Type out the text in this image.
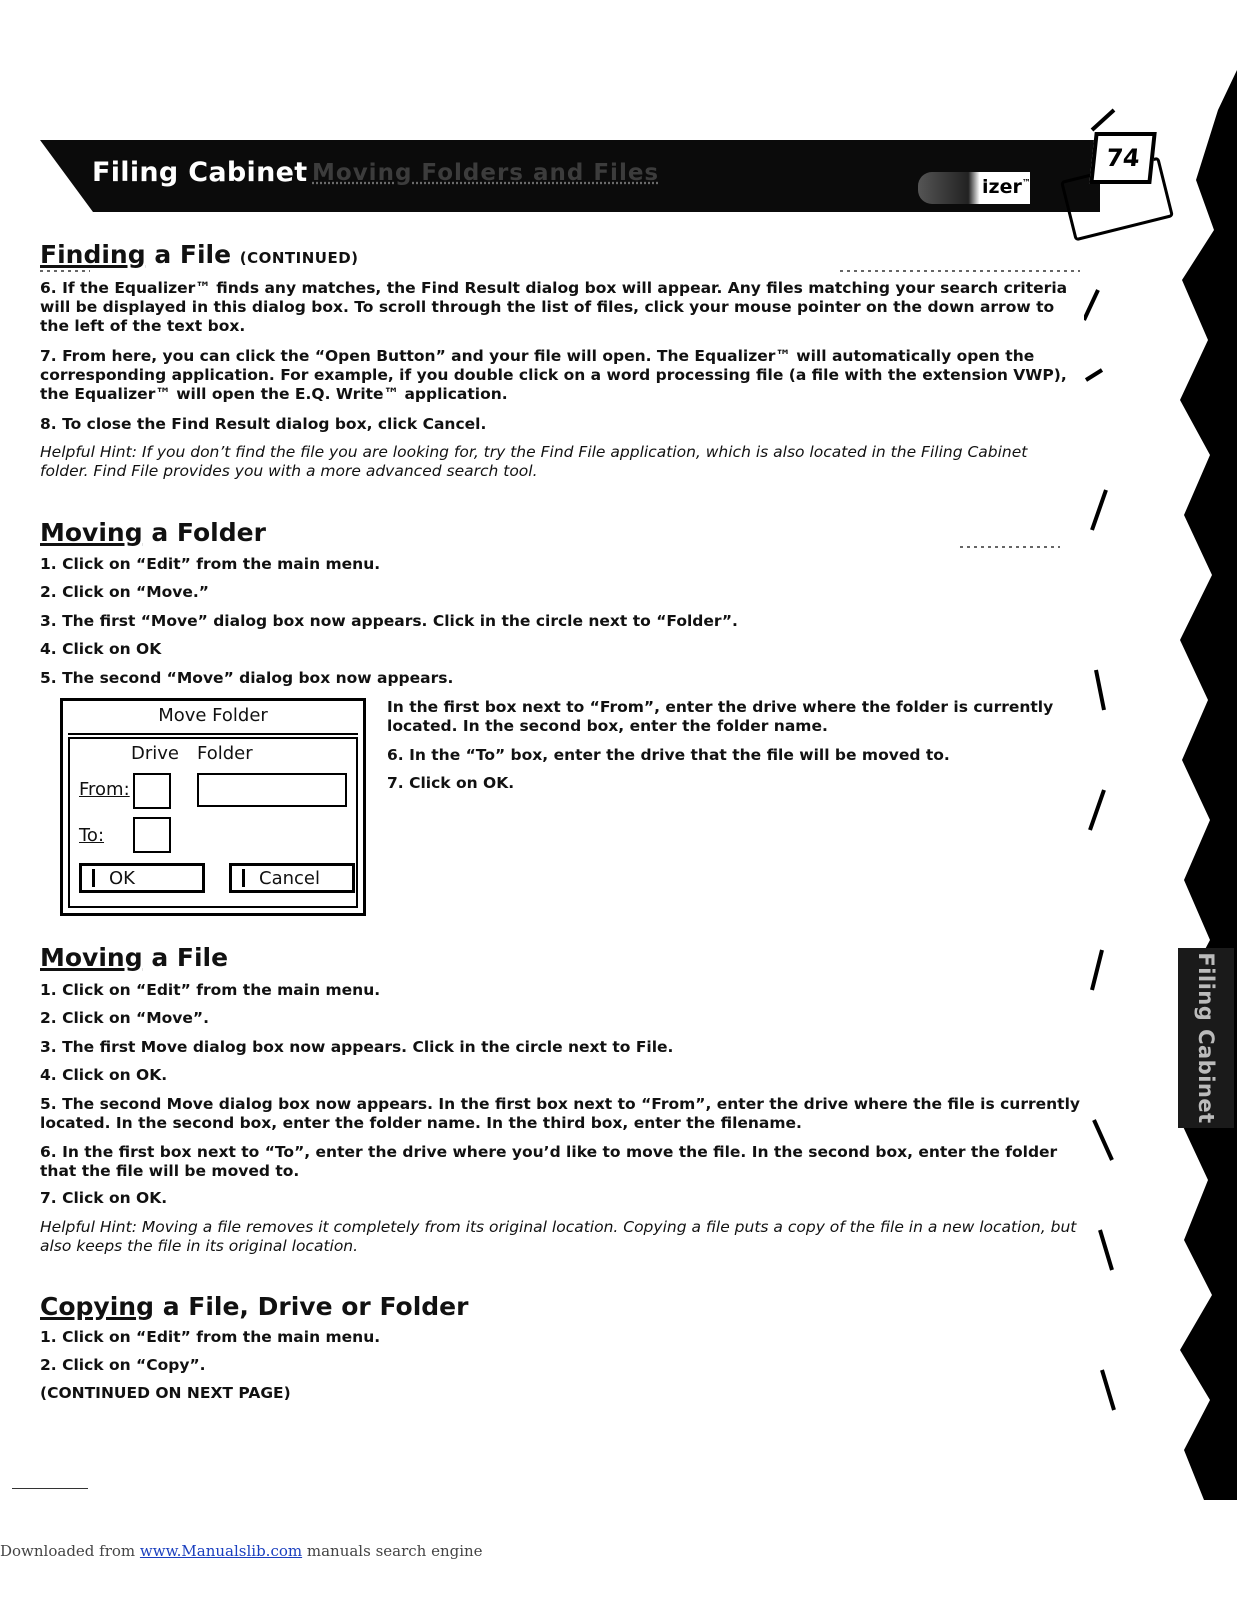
Filing Cabinet Moving Folders and Files
izer™
74
Filing Cabinet
Finding a File (CONTINUED)

6. If the Equalizer™ finds any matches, the Find Result dialog box will appear. Any files matching your search criteria will be displayed in this dialog box. To scroll through the list of files, click your mouse pointer on the down arrow to the left of the text box.

7. From here, you can click the “Open Button” and your file will open. The Equalizer™ will automatically open the corresponding application. For example, if you double click on a word processing file (a file with the extension VWP), the Equalizer™ will open the E.Q. Write™ application.

8. To close the Find Result dialog box, click Cancel.

Helpful Hint: If you don’t find the file you are looking for, try the Find File application, which is also located in the Filing Cabinet folder. Find File provides you with a more advanced search tool.

Moving a Folder

1. Click on “Edit” from the main menu.

2. Click on “Move.”

3. The first “Move” dialog box now appears. Click in the circle next to “Folder”.

4. Click on OK

5. The second “Move” dialog box now appears.

In the first box next to “From”, enter the drive where the folder is currently located. In the second box, enter the folder name.

6. In the “To” box, enter the drive that the file will be moved to.

7. Click on OK.

Move Folder
Drive Folder
From:
To:
OK	Cancel
Moving a File

1. Click on “Edit” from the main menu.

2. Click on “Move”.

3. The first Move dialog box now appears. Click in the circle next to File.

4. Click on OK.

5. The second Move dialog box now appears. In the first box next to “From”, enter the drive where the file is currently located. In the second box, enter the folder name. In the third box, enter the filename.

6. In the first box next to “To”, enter the drive where you’d like to move the file. In the second box, enter the folder that the file will be moved to.

7. Click on OK.

Helpful Hint: Moving a file removes it completely from its original location. Copying a file puts a copy of the file in a new location, but also keeps the file in its original location.

Copying a File, Drive or Folder

1. Click on “Edit” from the main menu.

2. Click on “Copy”.

(CONTINUED ON NEXT PAGE)

Downloaded from www.Manualslib.com manuals search engine
